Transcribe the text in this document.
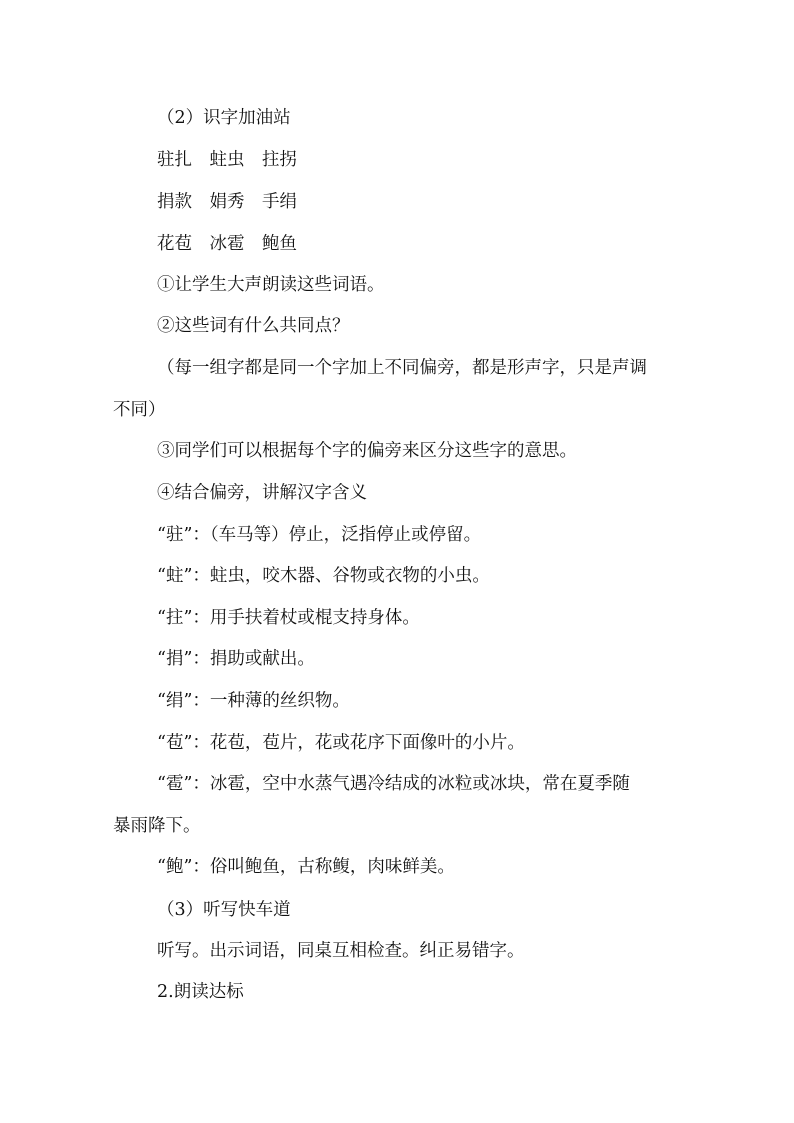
（2）识字加油站
驻扎　蛀虫　拄拐
捐款　娟秀　手绢
花苞　冰雹　鲍鱼
①让学生大声朗读这些词语。
②这些词有什么共同点？
（每一组字都是同一个字加上不同偏旁，都是形声字，只是声调
不同）
③同学们可以根据每个字的偏旁来区分这些字的意思。
④结合偏旁，讲解汉字含义
“驻”：（车马等）停止，泛指停止或停留。
“蛀”：蛀虫，咬木器、谷物或衣物的小虫。
“拄”：用手扶着杖或棍支持身体。
“捐”：捐助或献出。
“绢”：一种薄的丝织物。
“苞”：花苞，苞片，花或花序下面像叶的小片。
“雹”：冰雹，空中水蒸气遇冷结成的冰粒或冰块，常在夏季随
暴雨降下。
“鲍”：俗叫鲍鱼，古称鳆，肉味鲜美。
（3）听写快车道
听写。出示词语，同桌互相检查。纠正易错字。
2.朗读达标
